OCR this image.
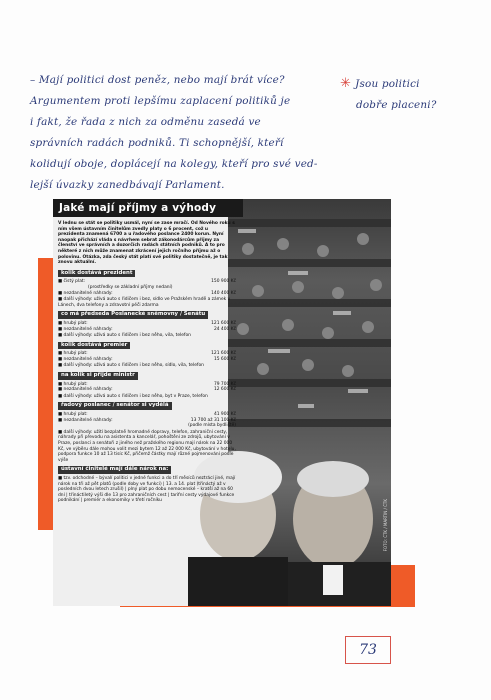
– Mají politici dost peněz, nebo mají brát více?
Argumentem proti lepšímu zaplacení politiků je
i fakt, že řada z nich za odměnu zasedá ve
správních radách podniků. Ti schopnější, kteří
kolidují oboje, doplácejí na kolegy, kteří pro své ved-
lejší úvazky zanedbávají Parlament.
✳ Jsou politici
dobře placeni?
Jaké mají příjmy a výhody

V lednu se stát se politiky usmál, nyní se zase mračí. Od Nového roku s ním všem ústavním činitelům zvedly platy o 6 procent, což u prezidenta znamená 6700 a u řadového poslance 2400 korun. Nyní naopak přichází vláda s návrhem sebrat zákonodárcům příjmy za členství ve správních a dozorčích radách státních podniků. A to pro některé z nich může znamenat zkrácení jejich ročního příjmu až o polovinu. Otázka, zda český stát platí své politiky dostatečně, je tak znovu aktuální.

kolik dostává prezident
■ čistý plat:	150 900 Kč
(prostředky se základní příjmy nedaní)
■ nezdanitelné náhrady:	140 400 Kč
■ další výhody: užívá auto s řidičem i bez, sídlo ve Pražském hradě a zámek v Lánech, dva telefony a zdravotní péči zdarma
co má předseda Poslanecké sněmovny / Senátu
■ hrubý plat:	121 600 Kč
■ nezdanitelné náhrady:	24 400 Kč
■ další výhody: užívá auto s řidičem i bez něho, vila, telefon
kolik dostává premiér
■ hrubý plat:	121 600 Kč
■ nezdanitelné náhrady:	15 600 Kč
■ další výhody: užívá auto s řidičem i bez něho, sídlo, vila, telefon
na kolik si přijde ministr
■ hrubý plat:	79 700 Kč
■ nezdanitelné náhrady:	12 600 Kč
■ další výhody: užívá auto s řidičem i bez něho, byt v Praze, telefon
řadový poslanec / senátor si vydělá
■ hrubý plat:	41 900 Kč
■ nezdanitelné náhrady:	13 700 až 31 100 Kč
(podle místa bydliště)
■ další výhody: užití bezplatně hromadné dopravy, telefon, zahraniční cesty, náhrady při převodu na asistenta a kancelář, pohoštění ze zdrojů, ubytování v Praze, poslanci a senátoři z jiného než pražského regionu mají nárok na 22 000 Kč, ve výběru dále mohou volit mezi bytem 12 až 22 000 Kč, ubytování v hotelu, podpora funkce 10 až 13 tisíc Kč, přičemž částky mají různé pojmenování podle výše
ústavní činitelé mají dále nárok na:
■ tzv. odchodné – bývalí politici v jedné funkci a do tří měsíců neztrácí jiné, mají nárok na tři až pět platů (podle doby ve funkci) | 13. a 14. plat (třináctý až v posledních dvou letech zrušil) | plný plat po dobu nemocenské – kratší až na 60 dní | třináctiletý výši dle 13 pro zahraničních cest | tarifní cesty výdajové funkce podnikání | premiér a ekonomiky v třetí ročníku	FOTO: ČTK / MARTIN / ČTK
73
